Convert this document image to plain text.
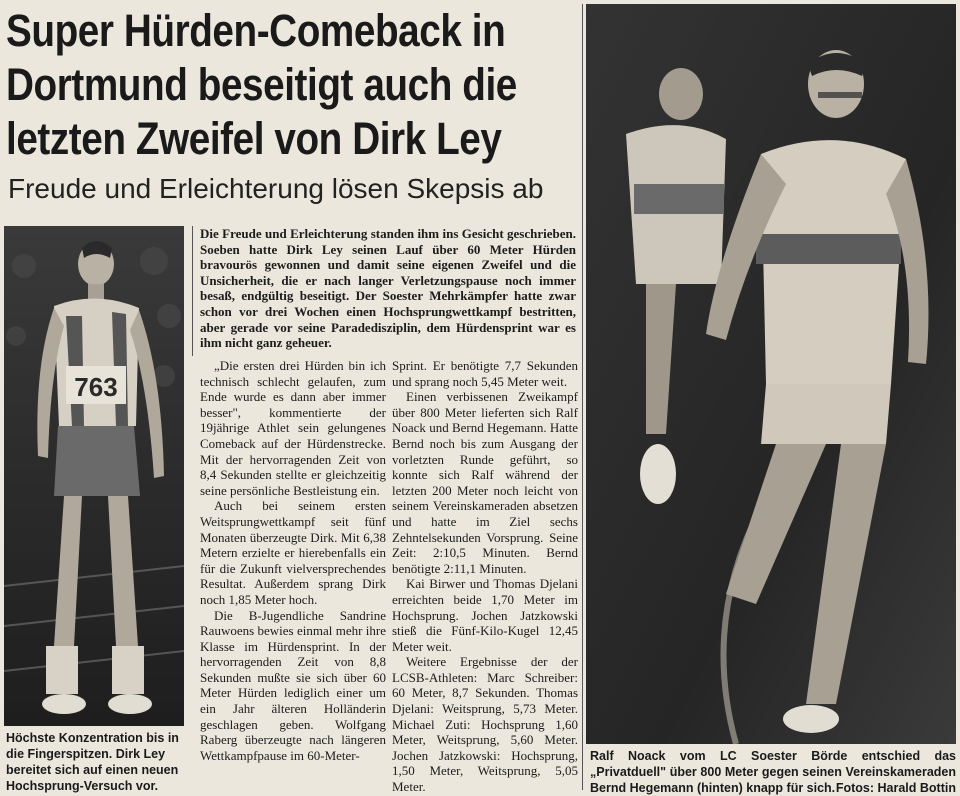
Super Hürden-Comeback in
Dortmund beseitigt auch die
letzten Zweifel von Dirk Ley
Freude und Erleichterung lösen Skepsis ab
763
Höchste Konzentration bis in die Fingerspitzen. Dirk Ley bereitet sich auf einen neuen Hochsprung-Versuch vor.
Die Freude und Erleichterung standen ihm ins Gesicht geschrieben. Soeben hatte Dirk Ley seinen Lauf über 60 Meter Hürden bravourös gewonnen und damit seine eigenen Zweifel und die Unsicherheit, die er nach langer Verletzungspause noch immer besaß, endgültig beseitigt. Der Soester Mehrkämpfer hatte zwar schon vor drei Wochen einen Hochsprungwettkampf bestritten, aber gerade vor seine Paradedisziplin, dem Hürdensprint war es ihm nicht ganz geheuer.

„Die ersten drei Hürden bin ich technisch schlecht gelaufen, zum Ende wurde es dann aber immer besser", kommentierte der 19jährige Athlet sein gelungenes Comeback auf der Hürdenstrecke. Mit der hervorragenden Zeit von 8,4 Sekunden stellte er gleichzeitig seine persönliche Bestleistung ein.

Auch bei seinem ersten Weitsprungwettkampf seit fünf Monaten überzeugte Dirk. Mit 6,38 Metern erzielte er hierebenfalls ein für die Zukunft vielversprechendes Resultat. Außerdem sprang Dirk noch 1,85 Meter hoch.

Die B-Jugendliche Sandrine Rauwoens bewies einmal mehr ihre Klasse im Hürdensprint. In der hervorragenden Zeit von 8,8 Sekunden mußte sie sich über 60 Meter Hürden lediglich einer um ein Jahr älteren Holländerin geschlagen geben. Wolfgang Raberg überzeugte nach längeren Wettkampfpause im 60-Meter-

Sprint. Er benötigte 7,7 Sekunden und sprang noch 5,45 Meter weit.

Einen verbissenen Zweikampf über 800 Meter lieferten sich Ralf Noack und Bernd Hegemann. Hatte Bernd noch bis zum Ausgang der vorletzten Runde geführt, so konnte sich Ralf während der letzten 200 Meter noch leicht von seinem Vereinskameraden absetzen und hatte im Ziel sechs Zehntelsekunden Vorsprung. Seine Zeit: 2:10,5 Minuten. Bernd benötigte 2:11,1 Minuten.

Kai Birwer und Thomas Djelani erreichten beide 1,70 Meter im Hochsprung. Jochen Jatzkowski stieß die Fünf-Kilo-Kugel 12,45 Meter weit.

Weitere Ergebnisse der der LCSB-Athleten: Marc Schreiber: 60 Meter, 8,7 Sekunden. Thomas Djelani: Weitsprung, 5,73 Meter. Michael Zuti: Hochsprung 1,60 Meter, Weitsprung, 5,60 Meter. Jochen Jatzkowski: Hochsprung, 1,50 Meter, Weitsprung, 5,05 Meter.

Ralf Noack vom LC Soester Börde entschied das „Privatduell" über 800 Meter gegen seinen Vereinskameraden Bernd Hegemann (hinten) knapp für sich. Fotos: Harald Bottin
